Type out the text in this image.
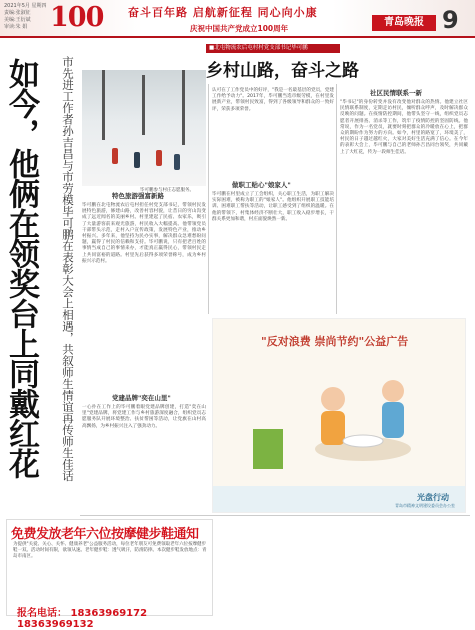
2021年5月 星期四
责编:张淑征
美编:王衍斌
审读:朱 娟 100 奋斗百年路 启航新征程 同心向小康
庆祝中国共产党成立100周年
青岛晚报 9
如今，他俩在领奖台上同戴红花	市先进工作者孙吉昌与市劳模毕可鹏在表彰大会上相遇，共叙师生情谊再传师生佳话
■北屯物流农后屯村村党支部书记毕可鹏
乡村山路，奋斗之路
毕可鹏参与村庄志愿服务。
特色旅游强富新路
毕可鹏在北屯物流农后屯村担任村党支部书记，带领村民发展特色旅游，修建山路，改善村容村貌，让昔日的穷山沟变成了远近闻名的美丽乡村。村里建起了民宿、农家乐，吸引了大量游客前来观光旅游，村民收入大幅提高。他带领党员干部带头示范，走村入户宣传政策，发展特色产业，推动乡村振兴。多年来，他坚持为民办实事，解决群众急难愁盼问题，赢得了村民的信赖和支持。毕可鹏说，只有把老百姓的事情当成自己的事情来办，才能真正赢得民心，带领村民走上共同富裕的道路。村里先后获得多项荣誉称号，成为乡村振兴示范村。
党建品牌"奕在山里"
一心扑在工作上的毕可鹏着眼党建品牌创建，打造"奕在山里"党建品牌，将党建工作与乡村旅游深度融合，组织党员志愿服务队开展环境整治、扶贫帮困等活动，让党旗在山村高高飘扬，为乡村振兴注入了强劲动力。
认可在了工作党员中的好评，"我是一名最基层的党员，党建工作给予动力"。2017年，毕可鹏当选市级劳模，在村里发展新产业，带领村民致富，得到了各级领导和群众的一致好评，荣获多项荣誉。
做职工贴心"娘家人"
毕可鹏在村里成立了工会组织，关心职工生活，为职工解决实际困难，被称为职工的"娘家人"。他组织开展职工技能培训、困难职工帮扶等活动，让职工感受到了组织的温暖。在他的带领下，村集体经济不断壮大，职工收入稳步增长，干群关系更加和谐，村庄面貌焕然一新。
社区民情联系一新
"毕书记"的身份转变并没有改变他对群众的热情。他建立社区民情联系制度，定期走访村民，倾听群众呼声，及时解决群众反映的问题。在疫情防控期间，他带头坚守一线，组织党员志愿者开展排查、消杀等工作，筑牢了疫情防控的坚固防线。他常说，作为一名党员，就要时刻把群众的冷暖放在心上，把群众的期盼作为努力的方向。如今，村里的路宽了，环境美了，村民的日子越过越红火，大家对美好生活充满了信心。在今年的表彰大会上，毕可鹏与自己的老师孙吉昌同台领奖，共同戴上了大红花，传为一段师生佳话。
"反对浪费 崇尚节约"公益广告
光盘行动
青岛市精神文明建设委员会办公室
免费发放老年六位按摩健步鞋通知
为提供"关爱、关心、关怀、健康养老"公益服务活动，每位老年朋友可免费领取老年六位按摩健步鞋一双。活动时间有限，欲领从速。老年健步鞋：透气吸汗，防滑防摔。本次健步鞋发放地点：青岛市南区。
报名电话： 18363969172 18363969132
